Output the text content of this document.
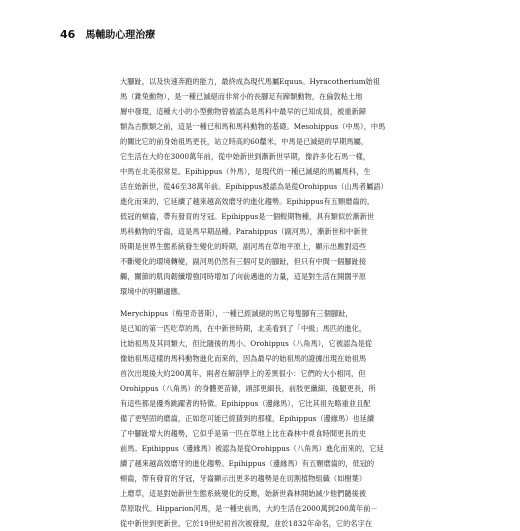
46 馬輔助心理治療
大腳趾，以及快速奔跑的能力，最終成為現代馬屬Equus。Hyracotherium始祖
馬（錐兔動物），是一種已滅絕而非常小的長腳足有蹄類動物，在倫敦粘土地
層中發現，這種大小的小型動物曾被認為是馬科中最早的已知成員，被重新歸
類為古獸類之前，這是一種已和馬和馬科動物的基礎。Mesohippus（中馬），中馬
的關比它的前身始祖馬更長，站立時高約60釐米，中馬是已滅絕的早期馬屬，
它生活在大約在3000萬年前，從中始新世到漸新世早期，像許多化石馬一樣，
中馬在北美很常見。Epihippus（外馬），是現代的一種已滅絕的馬屬馬科，生
活在始新世，從46至38萬年前。Epihippus被認為是從Orohippus（山馬者屬語）
進化而來的，它延續了越來越高效磨牙的進化趨勢。Epihippus有五顆磨齒的，
低冠的頰齒，帶有發育的牙冠。Epihippus是一個較期物種，具有類似於漸新世
馬科動物的牙齒，這是馬早期品種。Parahippus（副河馬），漸新世和中新世
時期是世界生態系統發生變化的時期，副河馬在草地平原上，顯示出應對這些
不斷變化的環境轉變，副河馬仍然有三個可見的腳趾，但只有中間一個腳趾接
觸，關節的肌肉韌纖增強同時增加了向前邁進的力量，這是對生活在開闊平原
環境中的明顯適應。
Merychippus（梅里奇普斯），一種已經滅絕的馬它每隻腳有三個腳趾，
是已知的第一匹吃草的馬，在中新世時期，北美看到了「中級」馬匹的進化，
比始祖馬及其同類大，但比隨後的馬小。Orohippus（八角馬），它被認為是從
像始祖馬這樣的馬科動物進化而來的，因為最早的始祖馬的證據出現在始祖馬
首次出現後大約200萬年，兩者在解剖學上的差異很小：它們的大小相同，但
Orohippus（八角馬）的身體更苗條，頭部更細長，前肢更纖細，後腿更長，所
有這些都是優秀跳躍者的特徵。Epihippus（邊緣馬），它比其祖先略重並且配
備了更堅固的磨齒，正如您可能已經猜到的那樣，Epihippus（邊緣馬）也延續
了中腳趾增大的趨勢，它似乎是第一匹在草地上比在森林中覓食時間更長的史
前馬。Epihippus（邊緣馬）被認為是從Orohippus（八角馬）進化而來的，它延
續了越來越高效磨牙的進化趨勢。Epihippus（邊緣馬）有五顆磨齒的，低冠的
頰齒，帶有發育的牙冠，牙齒顯示出更多的趨勢是在切割植物組織（如樹葉）
上磨草，這是對始新世生態系統變化的反應，始新世森林開始減少他們隨後被
草原取代。Hipparion河馬，是一種史前馬，大約生活在2000萬到200萬年前－
從中新世到更新世，它於19世紀初首次被發現，並於1832年命名，它的名字在
